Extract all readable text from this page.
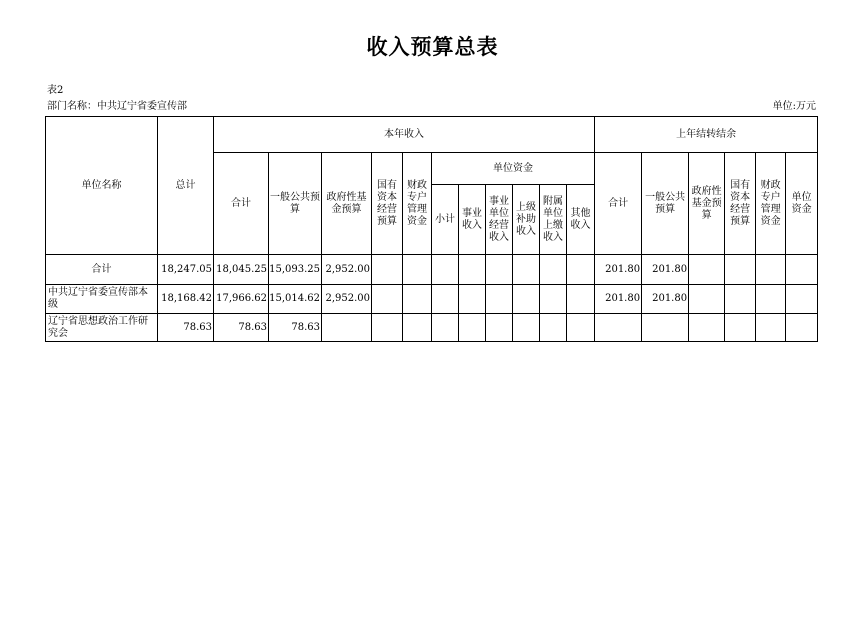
收入预算总表
表2
部门名称：中共辽宁省委宣传部	单位:万元
单位名称	总计	本年收入											上年结转结余					
		合计	一般公共预算	政府性基金预算	国有资本经营预算	财政专户管理资金	单位资金						合计	一般公共预算	政府性基金预算	国有资本经营预算	财政专户管理资金	单位资金
							小计	事业收入	事业单位经营收入	上级补助收入	附属单位上缴收入	其他收入						
合计	18,247.05	18,045.25	15,093.25	2,952.00									201.80	201.80				
中共辽宁省委宣传部本级	18,168.42	17,966.62	15,014.62	2,952.00									201.80	201.80				
辽宁省思想政治工作研究会	78.63	78.63	78.63															
